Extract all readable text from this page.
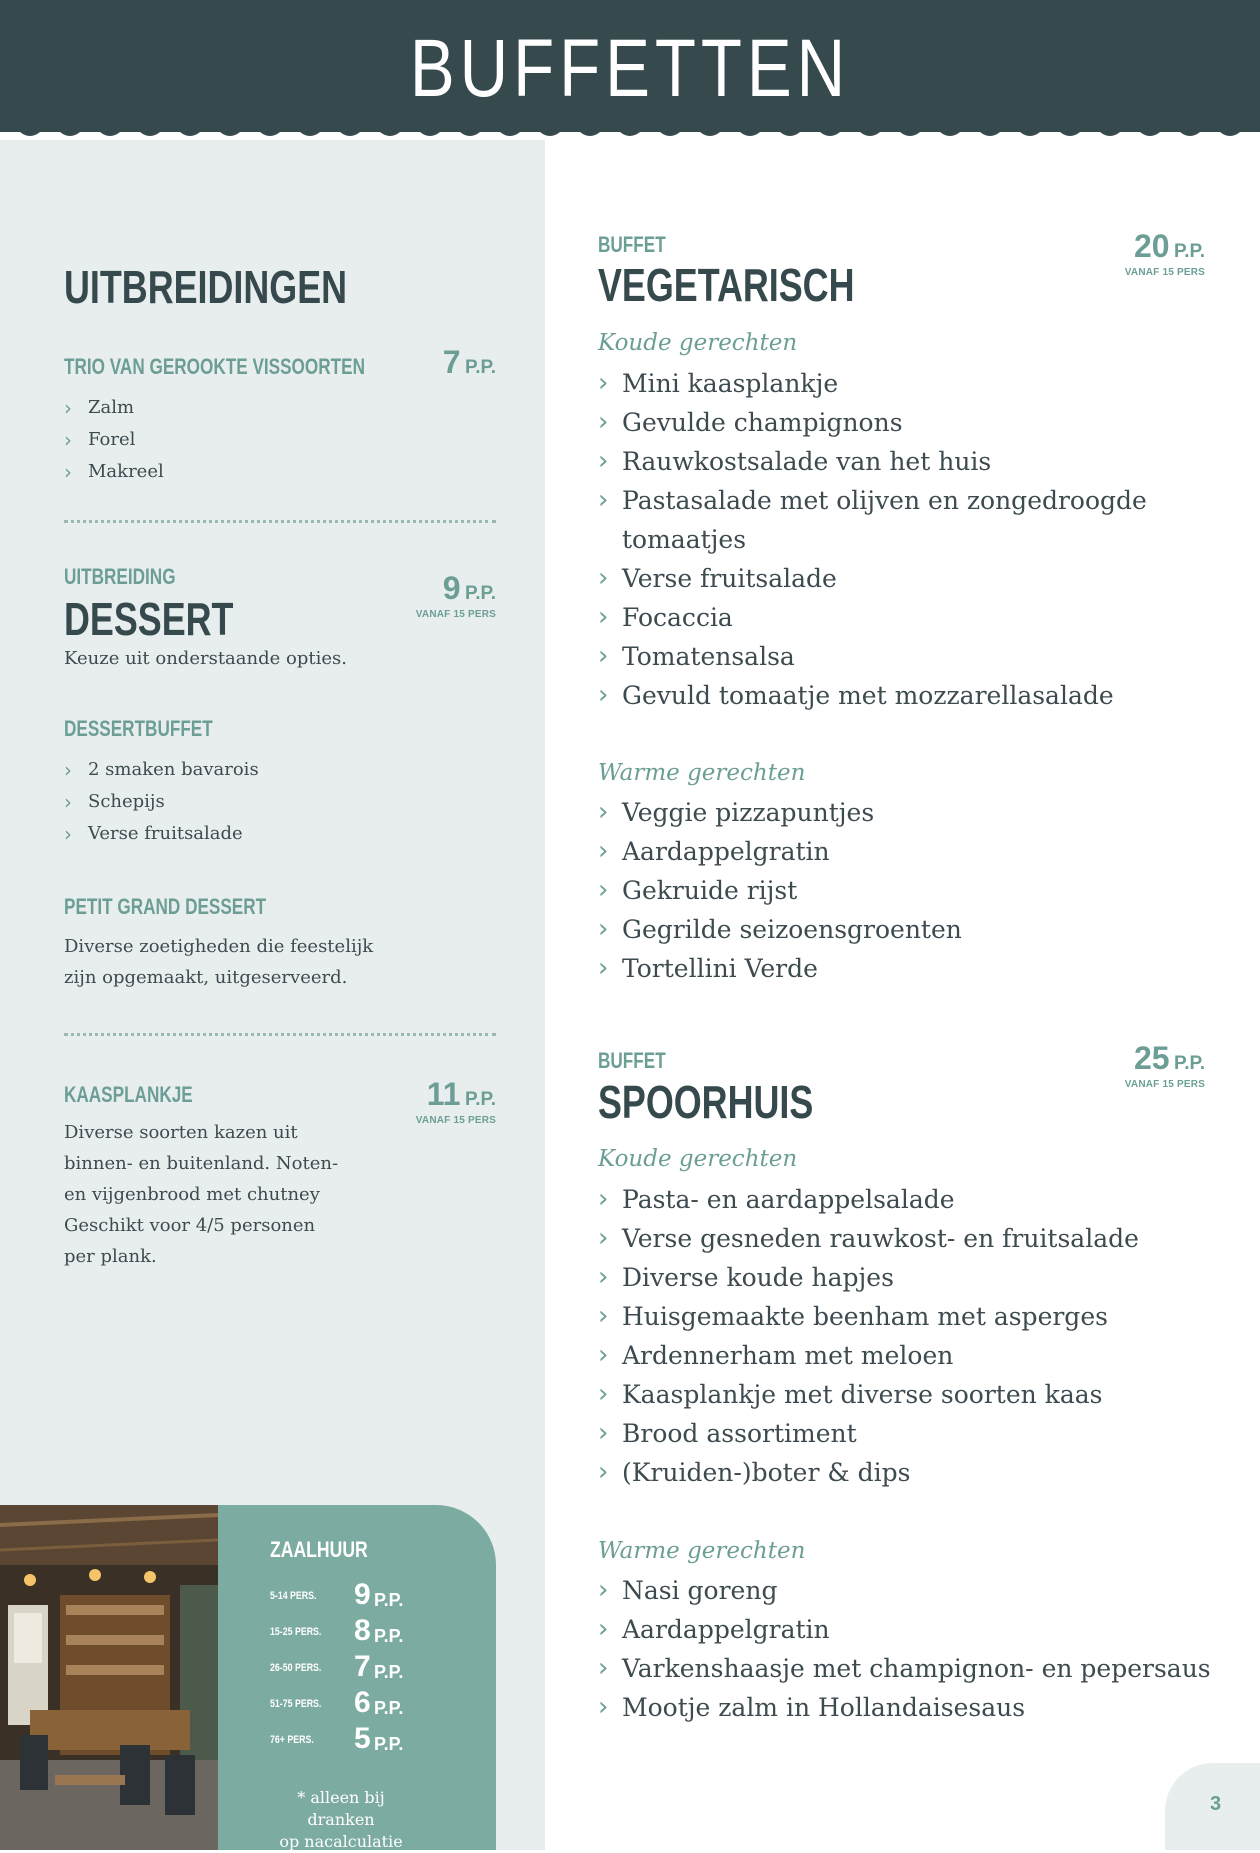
BUFFETTEN
UITBREIDINGEN
TRIO VAN GEROOKTE VISSOORTEN 7 P.P.
› Zalm
› Forel
› Makreel
UITBREIDING
DESSERT
9 P.P.
VANAF 15 PERS

Keuze uit onderstaande opties.

DESSERTBUFFET
› 2 smaken bavarois
› Schepijs
› Verse fruitsalade
PETIT GRAND DESSERT

Diverse zoetigheden die feestelijk

zijn opgemaakt, uitgeserveerd.

KAASPLANKJE	11 P.P.
VANAF 15 PERS

Diverse soorten kazen uit

binnen- en buitenland. Noten-

en vijgenbrood met chutney

Geschikt voor 4/5 personen

per plank.

ZAALHUUR
5-14 PERS. 9 P.P.
15-25 PERS. 8 P.P.
26-50 PERS. 7 P.P.
51-75 PERS. 6 P.P.
76+ PERS. 5 P.P.

* alleen bij dranken
op nacalculatie

BUFFET
VEGETARISCH
20 P.P.
VANAF 15 PERS

Koude gerechten

› Mini kaasplankje
› Gevulde champignons
› Rauwkostsalade van het huis
› Pastasalade met olijven en zongedroogde tomaatjes
› Verse fruitsalade
› Focaccia
› Tomatensalsa
› Gevuld tomaatje met mozzarellasalade

Warme gerechten

› Veggie pizzapuntjes
› Aardappelgratin
› Gekruide rijst
› Gegrilde seizoensgroenten
› Tortellini Verde
BUFFET
SPOORHUIS
25 P.P.
VANAF 15 PERS

Koude gerechten

› Pasta- en aardappelsalade
› Verse gesneden rauwkost- en fruitsalade
› Diverse koude hapjes
› Huisgemaakte beenham met asperges
› Ardennerham met meloen
› Kaasplankje met diverse soorten kaas
› Brood assortiment
› (Kruiden-)boter & dips

Warme gerechten

› Nasi goreng
› Aardappelgratin
› Varkenshaasje met champignon- en pepersaus
› Mootje zalm in Hollandaisesaus
3
